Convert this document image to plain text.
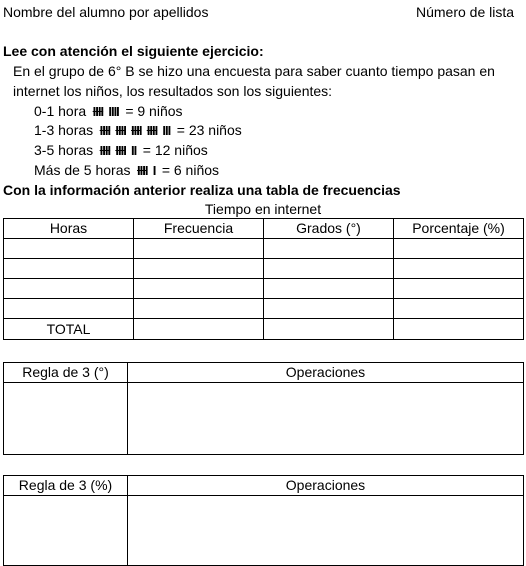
Nombre del alumno por apellidos	Número de lista
Lee con atención el siguiente ejercicio:
En el grupo de 6° B se hizo una encuesta para saber cuanto tiempo pasan en
internet los niños, los resultados son los siguientes:
0-1 hora IIII  IIII  = 9 niños
1-3 horas IIII IIII IIII IIII  III  = 23 niños
3-5 horas IIII IIII  II  = 12 niños
Más de 5 horas IIII  I  = 6 niños
Con la información anterior realiza una tabla de frecuencias
Tiempo en internet
Horas	Frecuencia	Grados (°)	Porcentaje (%)

TOTAL			
Regla de 3 (°)	Operaciones

Regla de 3 (%)	Operaciones
